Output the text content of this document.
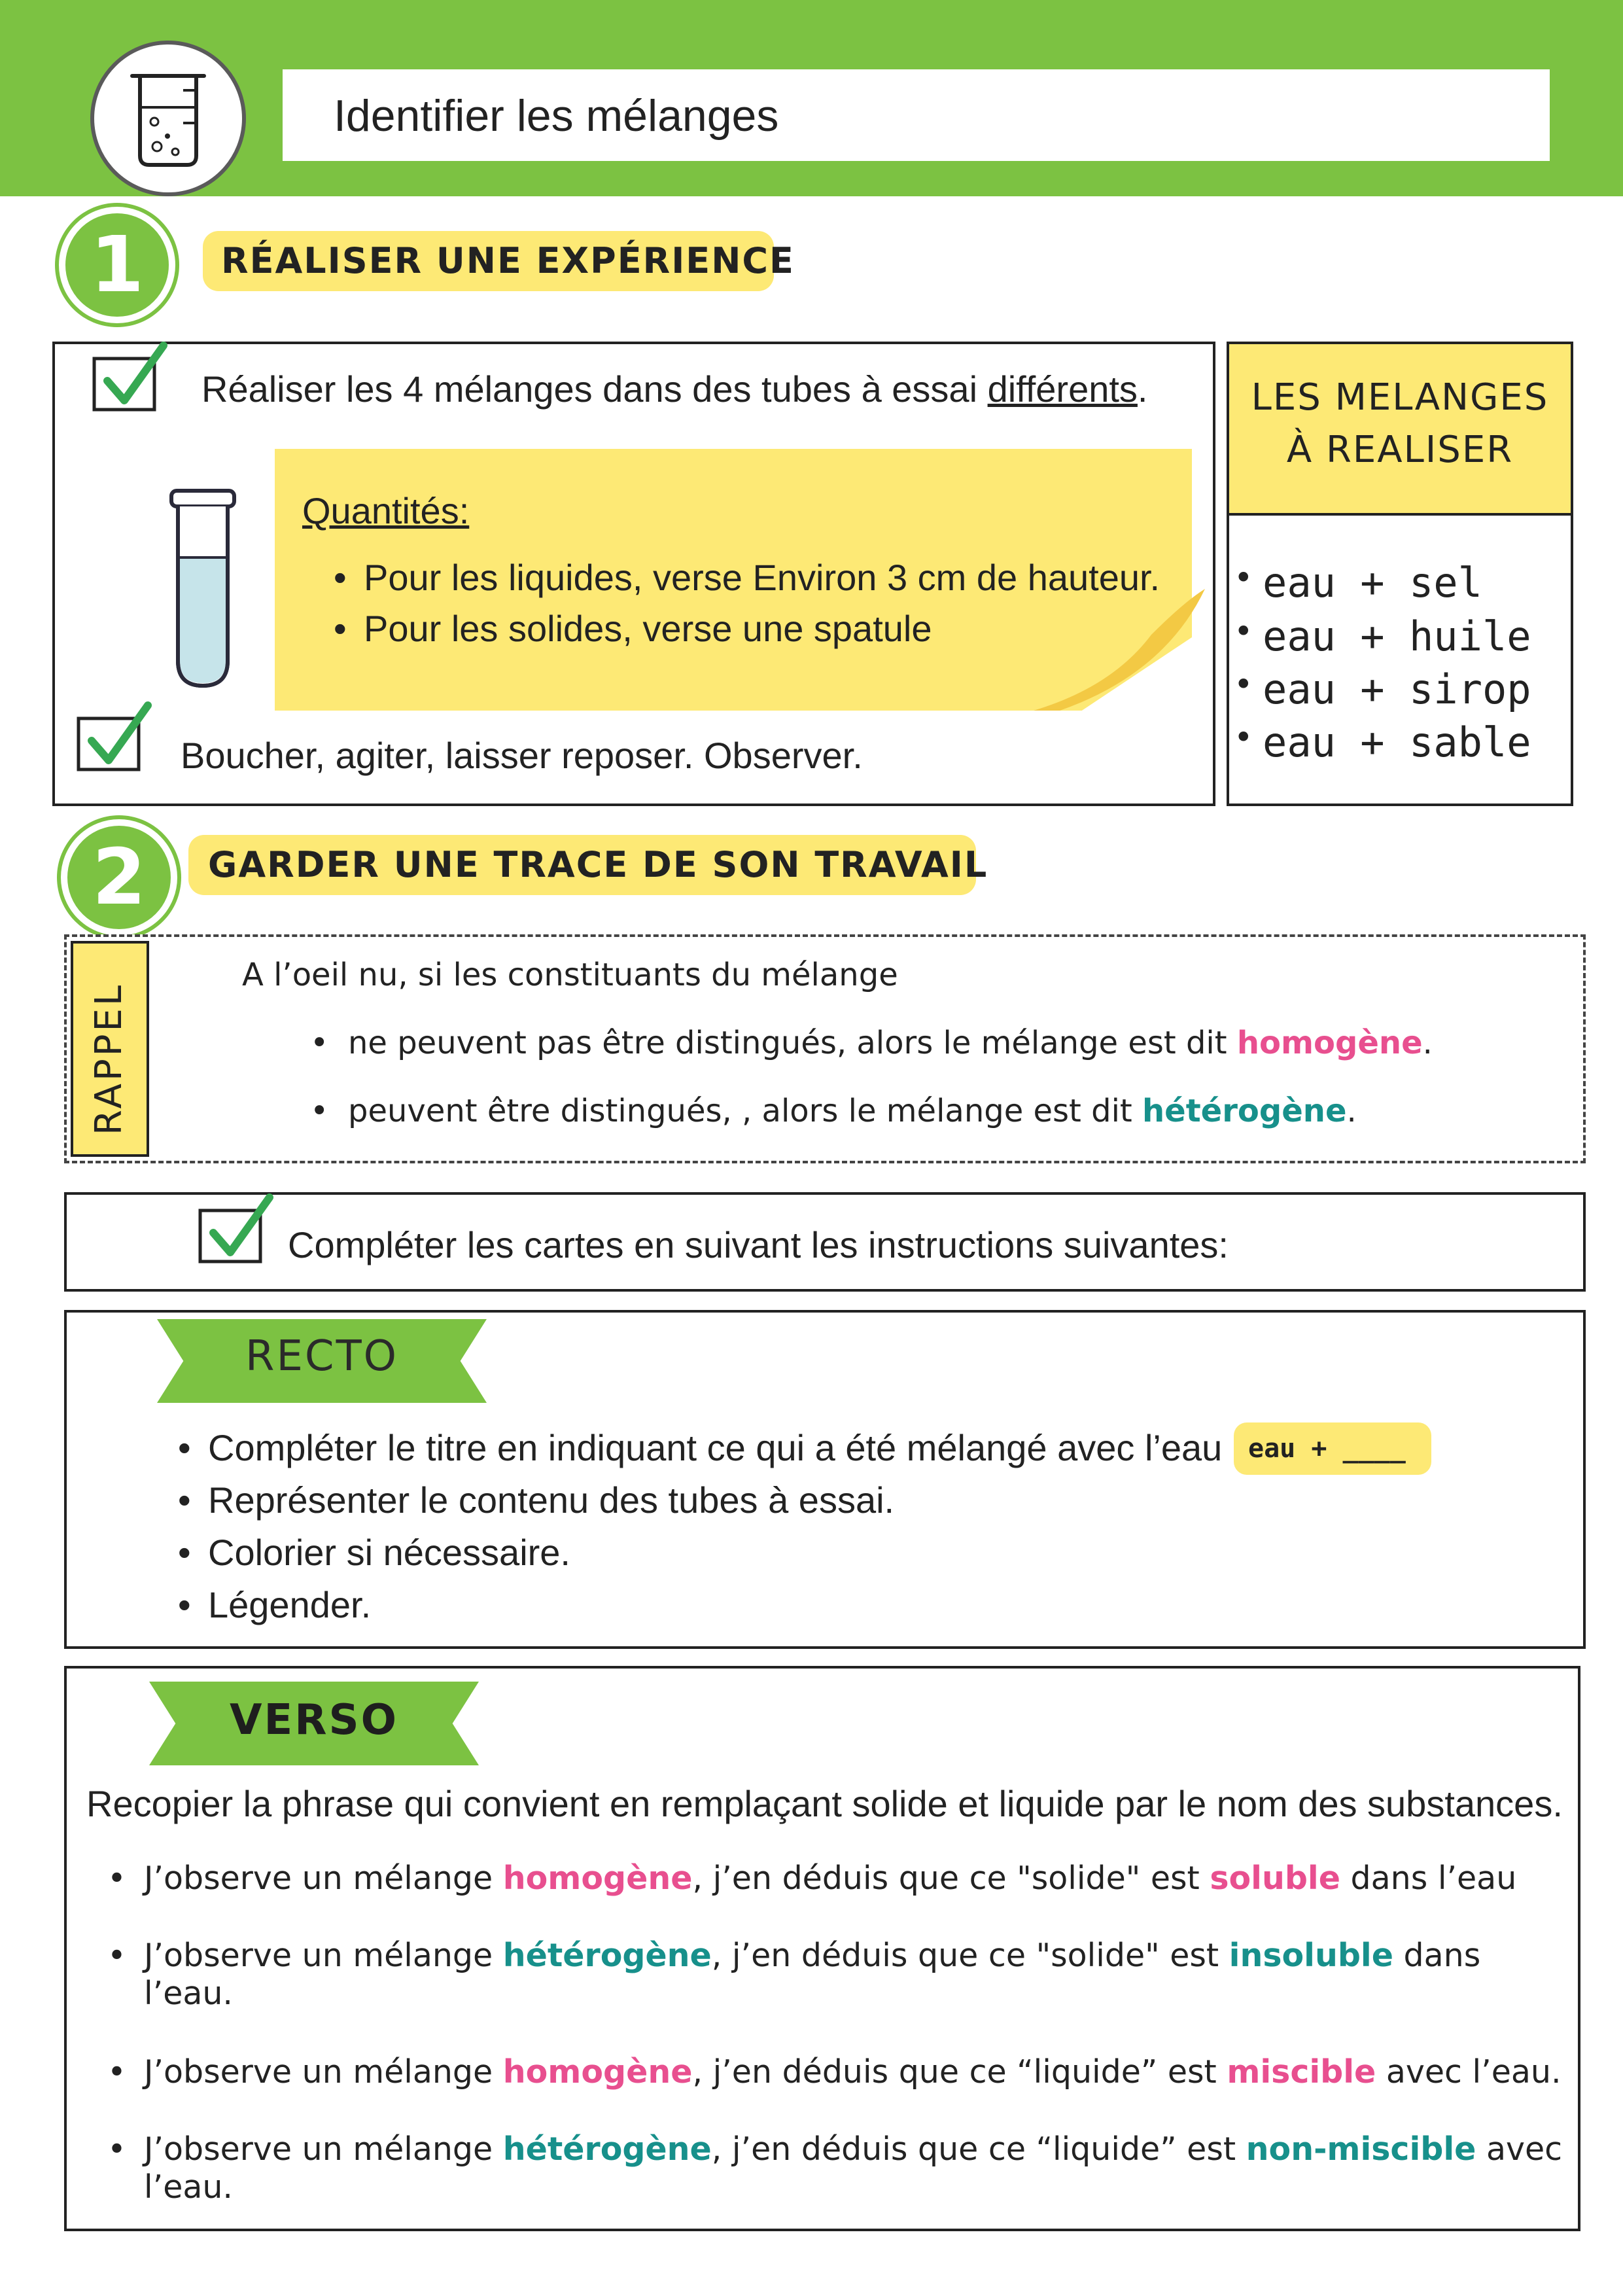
Identifier les mélanges
1	RÉALISER UNE EXPÉRIENCE
Réaliser les 4 mélanges dans des tubes à essai différents.
Quantités:
• Pour les liquides, verse Environ 3 cm de hauteur.
• Pour les solides, verse une spatule
Boucher, agiter, laisser reposer. Observer.
LES MELANGES
À REALISER
• eau + sel
• eau + huile
• eau + sirop
• eau + sable
2	GARDER UNE TRACE DE SON TRAVAIL
RAPPEL
A l’oeil nu, si les constituants du mélange
• ne peuvent pas être distingués, alors le mélange est dit homogène.
• peuvent être distingués, , alors le mélange est dit hétérogène.
Compléter les cartes en suivant les instructions suivantes:
RECTO
• Compléter le titre en indiquant ce qui a été mélangé avec l’eau
• Représenter le contenu des tubes à essai.
• Colorier si nécessaire.
• Légender.
eau + ____
VERSO
Recopier la phrase qui convient en remplaçant solide et liquide par le nom des substances.
• J’observe un mélange homogène, j’en déduis que ce "solide" est soluble dans l’eau
• J’observe un mélange hétérogène, j’en déduis que ce "solide" est insoluble dans l’eau.
• J’observe un mélange homogène, j’en déduis que ce “liquide” est miscible avec l’eau.
• J’observe un mélange hétérogène, j’en déduis que ce “liquide” est non-miscible avec l’eau.
